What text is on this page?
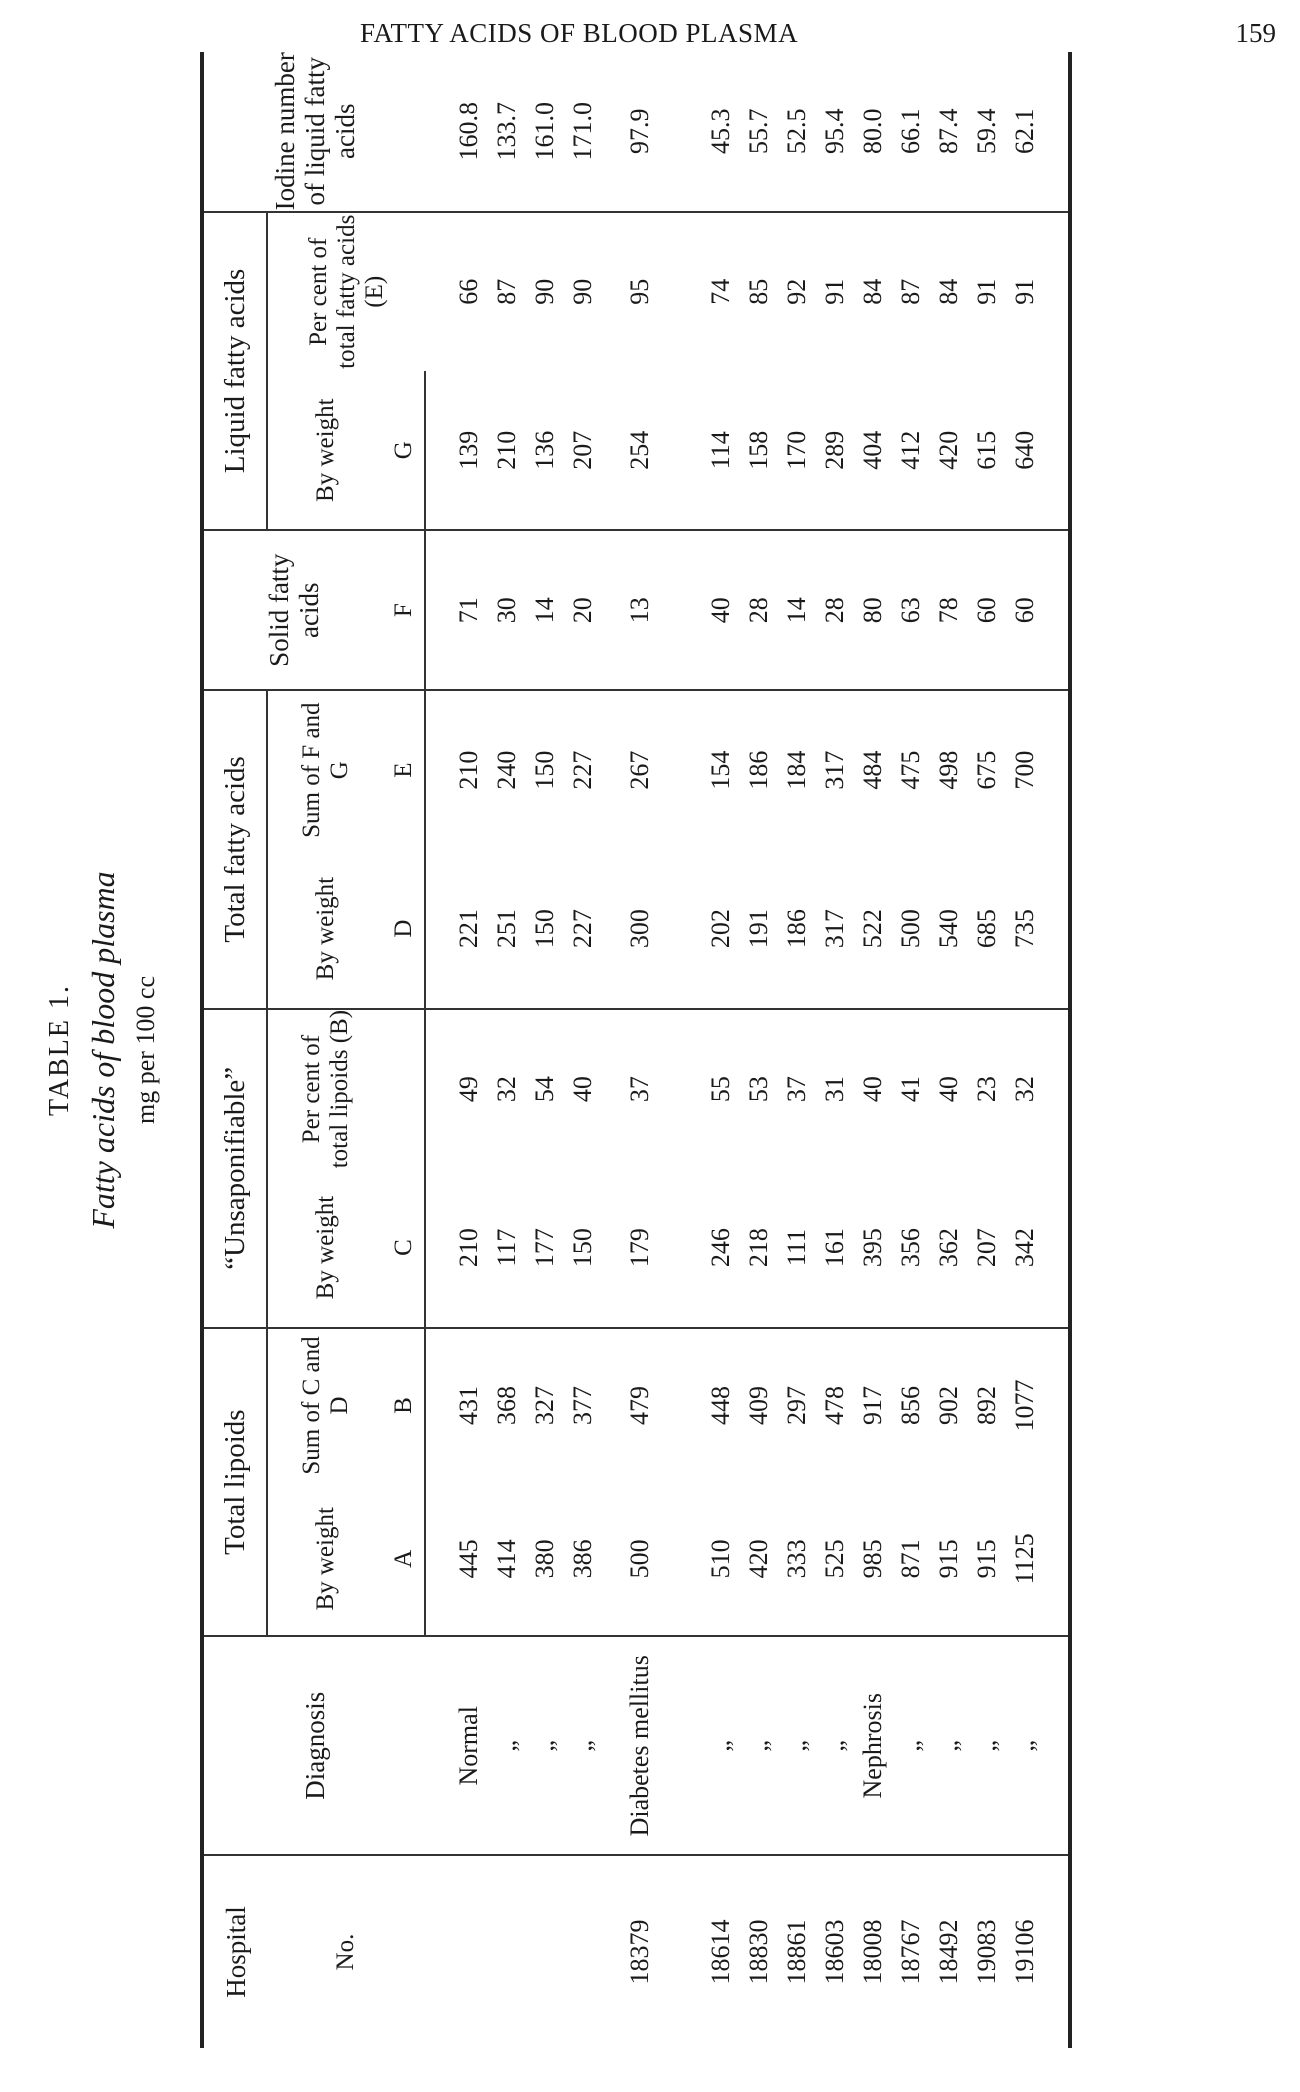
FATTY ACIDS OF BLOOD PLASMA	159
TABLE 1. Fatty acids of blood plasma mg per 100 cc
Hospital	Diagnosis	Total lipoids		“Unsaponifiable”		Total fatty acids		Solid fatty acids	Liquid fatty acids		Iodine number of liquid fatty acids
No.		By weight	Sum of C and D	By weight	Per cent of total lipoids (B)	By weight	Sum of F and G		By weight	Per cent of total fatty acids (E)	
		A	B	C		D	E	F	G		

	Normal	445	431	210	49	221	210	71	139	66	160.8
	„	414	368	117	32	251	240	30	210	87	133.7
	„	380	327	177	54	150	150	14	136	90	161.0
	„	386	377	150	40	227	227	20	207	90	171.0
18379	Diabetes mellitus	500	479	179	37	300	267	13	254	95	97.9

18614	„	510	448	246	55	202	154	40	114	74	45.3
18830	„	420	409	218	53	191	186	28	158	85	55.7
18861	„	333	297	111	37	186	184	14	170	92	52.5
18603	„	525	478	161	31	317	317	28	289	91	95.4
18008	Nephrosis	985	917	395	40	522	484	80	404	84	80.0
18767	„	871	856	356	41	500	475	63	412	87	66.1
18492	„	915	902	362	40	540	498	78	420	84	87.4
19083	„	915	892	207	23	685	675	60	615	91	59.4
19106	„	1125	1077	342	32	735	700	60	640	91	62.1
